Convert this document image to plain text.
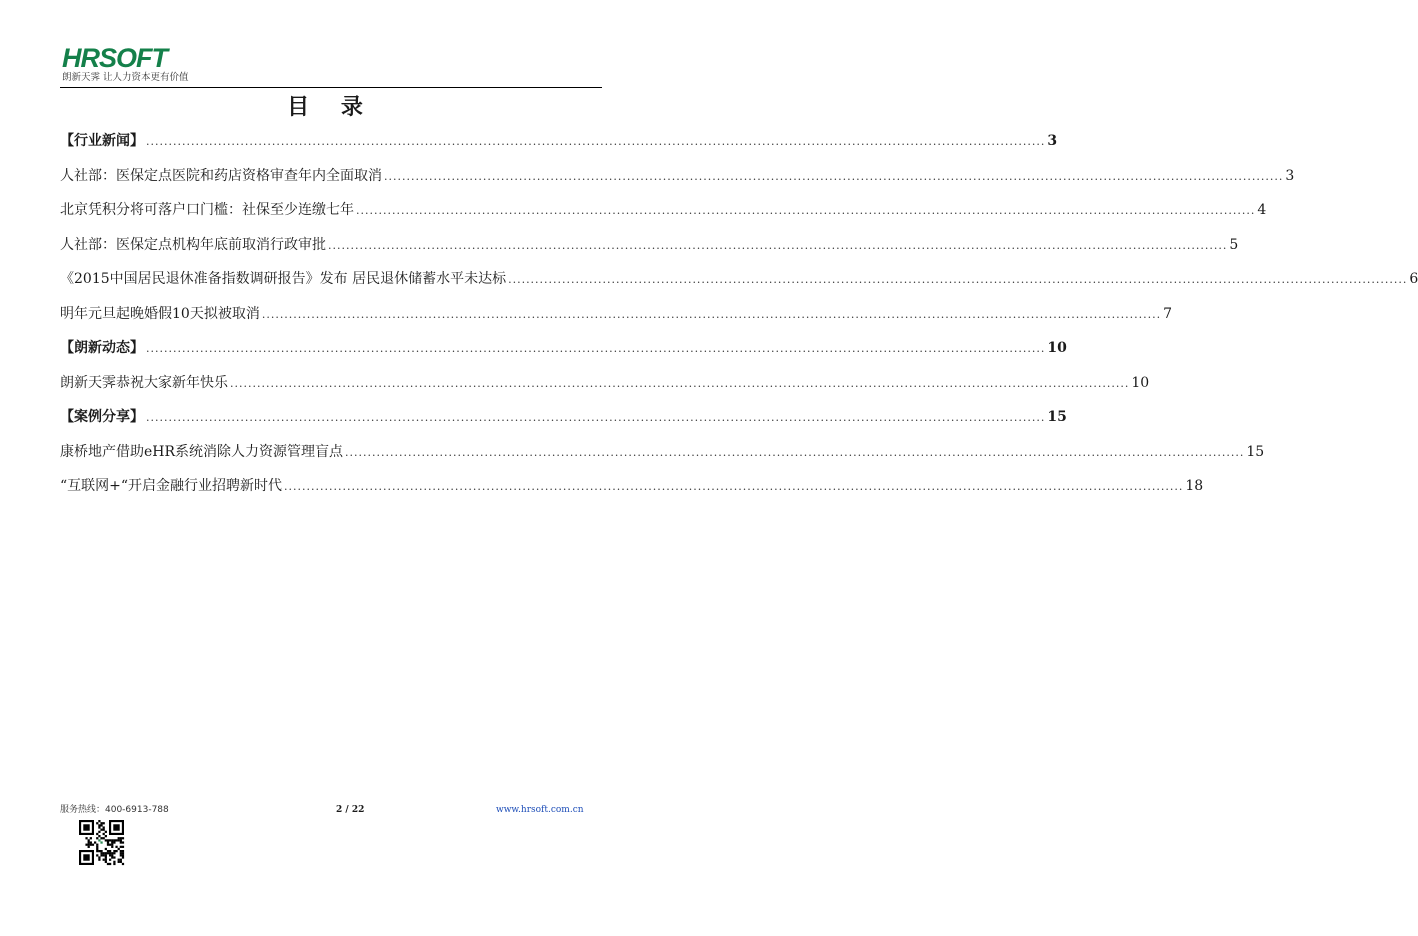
HRSOFT
朗新天霁 让人力资本更有价值
目 录
【行业新闻】 ........................................................................................................................................................................................................ 3
人社部：医保定点医院和药店资格审查年内全面取消 ........................................................................................................................................................................................................ 3
北京凭积分将可落户口门槛：社保至少连缴七年 ........................................................................................................................................................................................................ 4
人社部：医保定点机构年底前取消行政审批 ........................................................................................................................................................................................................ 5
《2015中国居民退休准备指数调研报告》发布 居民退休储蓄水平未达标 ........................................................................................................................................................................................................ 6
明年元旦起晚婚假10天拟被取消 ........................................................................................................................................................................................................ 7
【朗新动态】 ........................................................................................................................................................................................................ 10
朗新天霁恭祝大家新年快乐 ........................................................................................................................................................................................................ 10
【案例分享】 ........................................................................................................................................................................................................ 15
康桥地产借助eHR系统消除人力资源管理盲点 ........................................................................................................................................................................................................ 15
“互联网+“开启金融行业招聘新时代 ........................................................................................................................................................................................................ 18
服务热线：400-6913-788	2 / 22	www.hrsoft.com.cn
